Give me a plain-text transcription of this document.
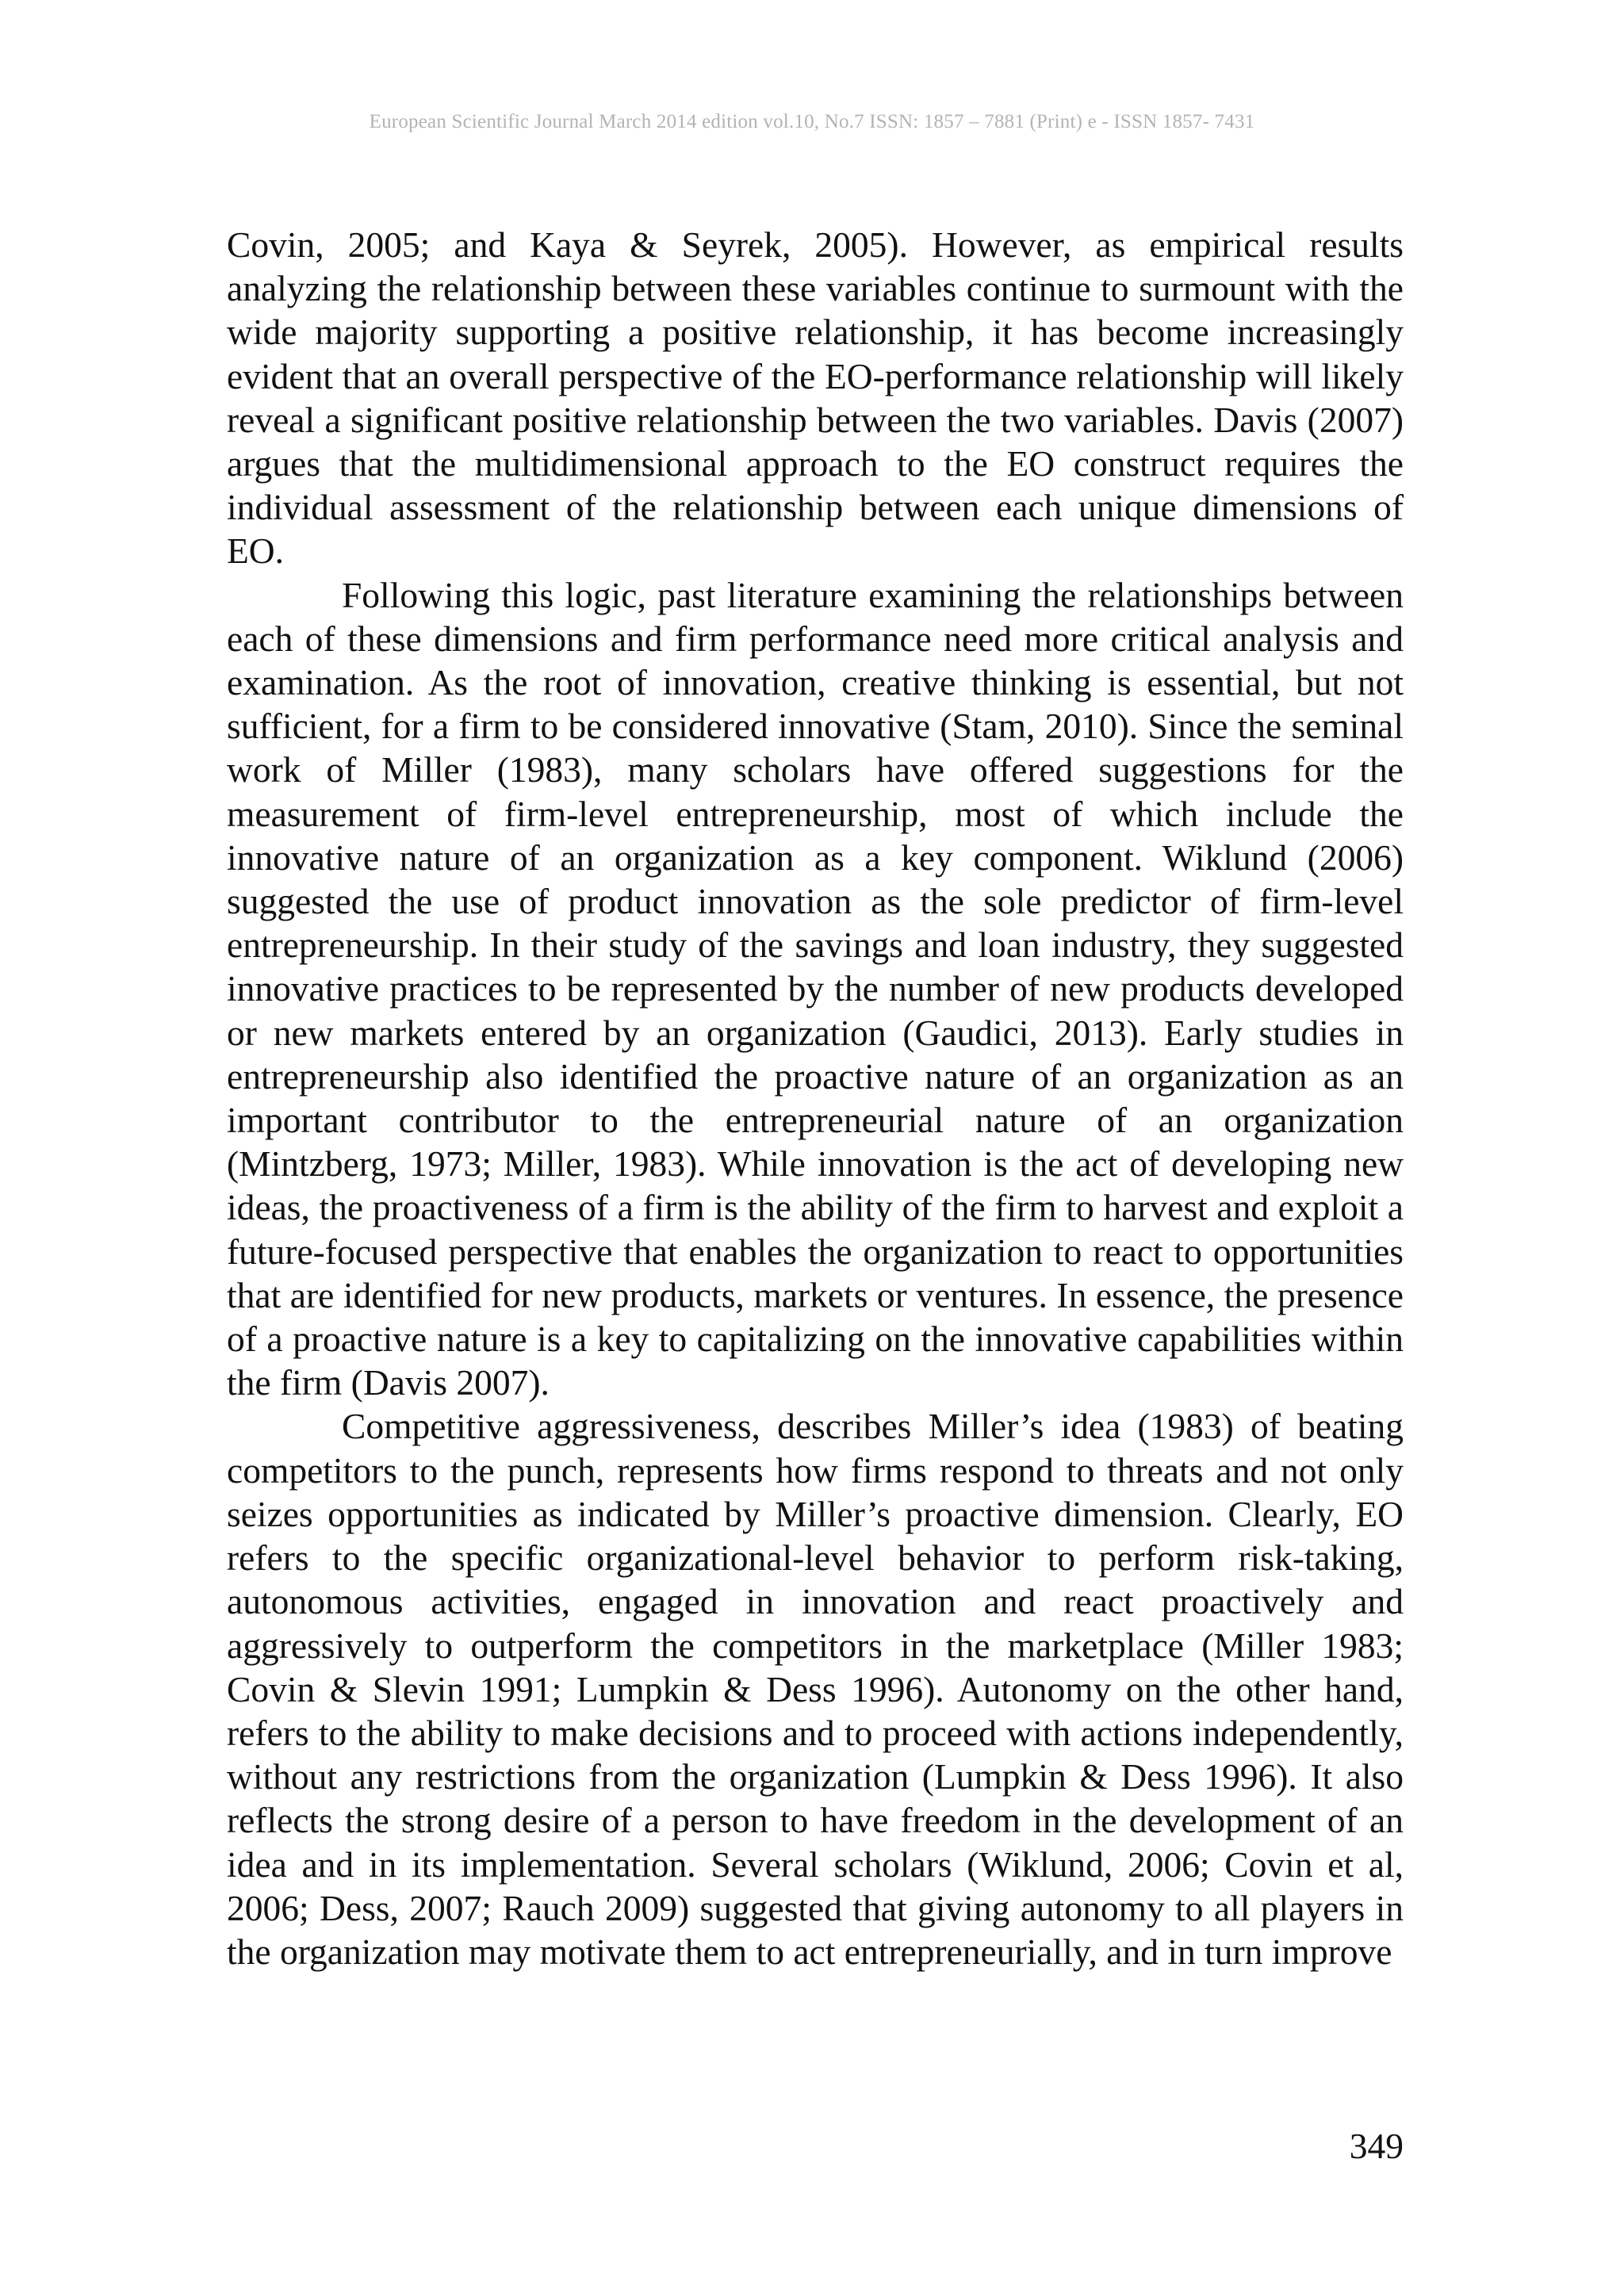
European Scientific Journal March 2014 edition vol.10, No.7 ISSN: 1857 – 7881 (Print) e - ISSN 1857- 7431

Covin, 2005; and Kaya & Seyrek, 2005). However, as empirical results analyzing the relationship between these variables continue to surmount with the wide majority supporting a positive relationship, it has become increasingly evident that an overall perspective of the EO-performance relationship will likely reveal a significant positive relationship between the two variables. Davis (2007) argues that the multidimensional approach to the EO construct requires the individual assessment of the relationship between each unique dimensions of EO.

Following this logic, past literature examining the relationships between each of these dimensions and firm performance need more critical analysis and examination. As the root of innovation, creative thinking is essential, but not sufficient, for a firm to be considered innovative (Stam, 2010). Since the seminal work of Miller (1983), many scholars have offered suggestions for the measurement of firm-level entrepreneurship, most of which include the innovative nature of an organization as a key component. Wiklund (2006) suggested the use of product innovation as the sole predictor of firm-level entrepreneurship. In their study of the savings and loan industry, they suggested innovative practices to be represented by the number of new products developed or new markets entered by an organization (Gaudici, 2013). Early studies in entrepreneurship also identified the proactive nature of an organization as an important contributor to the entrepreneurial nature of an organization (Mintzberg, 1973; Miller, 1983). While innovation is the act of developing new ideas, the proactiveness of a firm is the ability of the firm to harvest and exploit a future-focused perspective that enables the organization to react to opportunities that are identified for new products, markets or ventures. In essence, the presence of a proactive nature is a key to capitalizing on the innovative capabilities within the firm (Davis 2007).

Competitive aggressiveness, describes Miller’s idea (1983) of beating competitors to the punch, represents how firms respond to threats and not only seizes opportunities as indicated by Miller’s proactive dimension. Clearly, EO refers to the specific organizational-level behavior to perform risk-taking, autonomous activities, engaged in innovation and react proactively and aggressively to outperform the competitors in the marketplace (Miller 1983; Covin & Slevin 1991; Lumpkin & Dess 1996). Autonomy on the other hand, refers to the ability to make decisions and to proceed with actions independently, without any restrictions from the organization (Lumpkin & Dess 1996). It also reflects the strong desire of a person to have freedom in the development of an idea and in its implementation. Several scholars (Wiklund, 2006; Covin et al, 2006; Dess, 2007; Rauch 2009) suggested that giving autonomy to all players in the organization may motivate them to act entrepreneurially, and in turn improve

349
